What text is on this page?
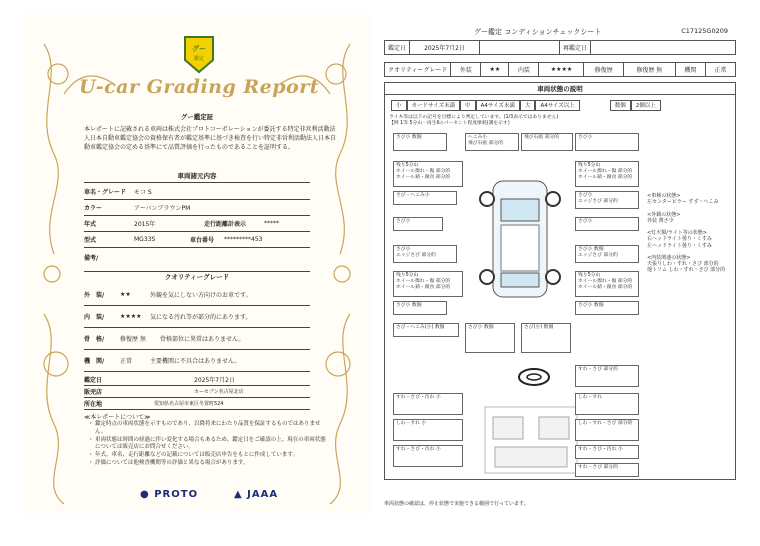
グー
鑑定
U-car Grading Report
グー鑑定証
本レポートに記載される車両は株式会社プロトコーポレーションが委託する特定非営利活動法人日本自動車鑑定協会の資格保有者が鑑定基準に基づき検査を行い特定非営利活動法人日本自動車鑑定協会の定める基準にて品質評価を行ったものであることを証明する。
車両諸元内容
車名・グレード	モコ S
カラー	アーバンブラウンPM
年式	2015年	走行距離計表示	*****
型式	MG33S	車台番号	*********453
備考/
クオリティーグレード
外　装/	★★	外観を気にしない方向けのお車です。
内　装/	★★★★	気になる汚れ等が部分的にあります。
骨　格/	修復歴 無	骨格部位に異常はありません。
機　関/	正常	主要機関に不具合はありません。
鑑定日	2025年7月2日
販売店	カーセブン名古屋北店
所在地	愛知県名古屋市東区冬置町524
≪本レポートについて≫
・ 鑑定時点の車両状態を示すものであり、以降将来にわたり品質を保証するものではありません。
・ 車両状態は時間の経過に伴い変化する場合もあるため、鑑定日をご確認の上、現在の車両状態については販売店にお問合せください。
・ 年式、車名、走行距離などの記載については販売店申告をもとに作成しています。
・ 評価については他検査機関等の評価と異なる場合があります。
● PROTO	▲ JAAA
グー鑑定 コンディションチェックシート	C17125G0209
鑑定日	2025年7月2日		再鑑定日	
クオリティーグレード	外装	★★	内装	★★★★	修復歴	修復歴 無	機関	正常
車両状態の説明
小	カードサイズ未満	中	A4サイズ未満	大	A4サイズ以上	数個	2個以上
ライキ等は以下の記号を目標により判定しています。(1/3表示ではありません)
【例 1等 5分山一再生Ⅱのパーセント程度摩耗(溝を示す)
さび小 数個	へこみ小
飛び石痕 部分的
飛び石痕 部分的	さび小
残り5分山
ホイール擦れ・傷 部分的
ホイール錆・腐食 部分的
残り5分山
ホイール擦れ・傷 部分的
ホイール錆・腐食 部分的
さび・へこみ小	さび小
エッジさび 部分的
さび小	さび小
さび小
エッジさび 部分的
さび小 数個
エッジさび 部分的
残り5分山
ホイール擦れ・傷 部分的
ホイール錆・腐食 部分的
残り5分山
ホイール擦れ・傷 部分的
ホイール錆・腐食 部分的
さび小 数個	さび小 数個
さび・へこみ(小) 数個	さび小 数個	さび(小) 数個
すれ・さび 部分的
すれ・さび・汚れ 小	しわ・すれ
しわ・すれ 小	しわ・すれ・さび 部分的
すれ・さび・汚れ 小	すれ・さび・汚れ 小
すれ・さび 部分的
<車検の状態>
左センターピラー すず・へこみ

<外観の状態>
外装 薄さ少

<灯火類/ライト等の状態>
右ヘッドライト曇り・くすみ
左ヘッドライト曇り・くすみ

<内装関連の状態>
天張りしわ・すれ・さび 部分的
他トリム しわ・すれ・さび 部分的
車両状態の確認は、停止状態で実施できる範囲で行っています。
